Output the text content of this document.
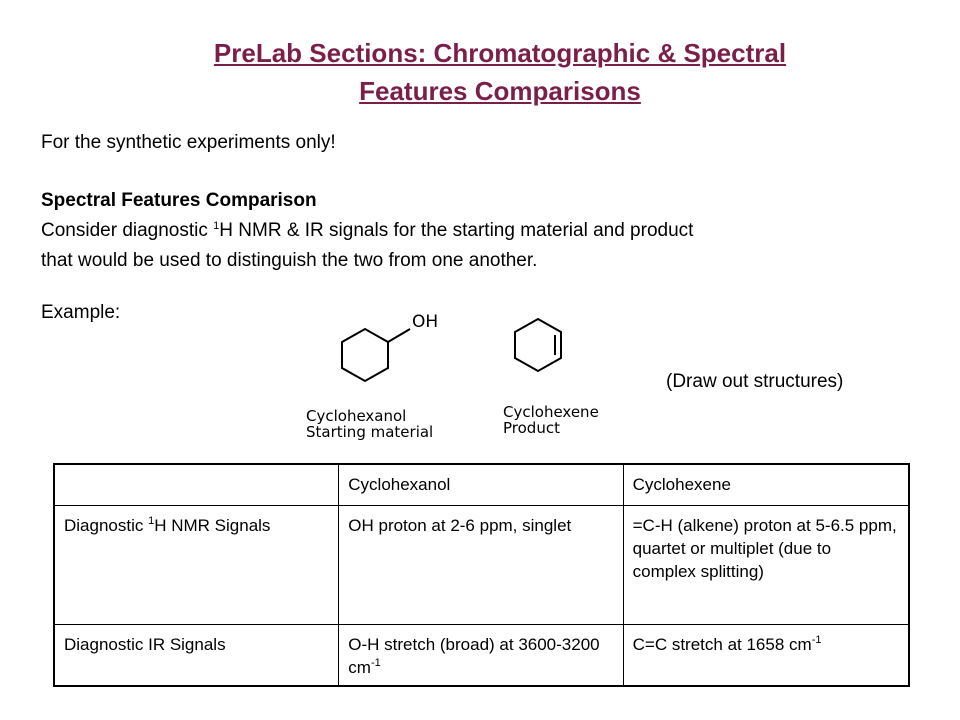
PreLab Sections: Chromatographic & Spectral
Features Comparisons
For the synthetic experiments only!
Spectral Features Comparison
Consider diagnostic $^1$H NMR & IR signals for the starting material and product
that would be used to distinguish the two from one another.
Example:
(Draw out structures)
OH
Cyclohexanol
Starting material
Cyclohexene
Product
	Cyclohexanol	Cyclohexene
Diagnostic $^1$H NMR Signals	OH proton at 2-6 ppm, singlet	=C-H (alkene) proton at 5-6.5 ppm, quartet or multiplet (due to complex splitting)
Diagnostic IR Signals	O-H stretch (broad) at 3600-3200 $cm^{-1}$	C=C stretch at 1658 $cm^{-1}$
